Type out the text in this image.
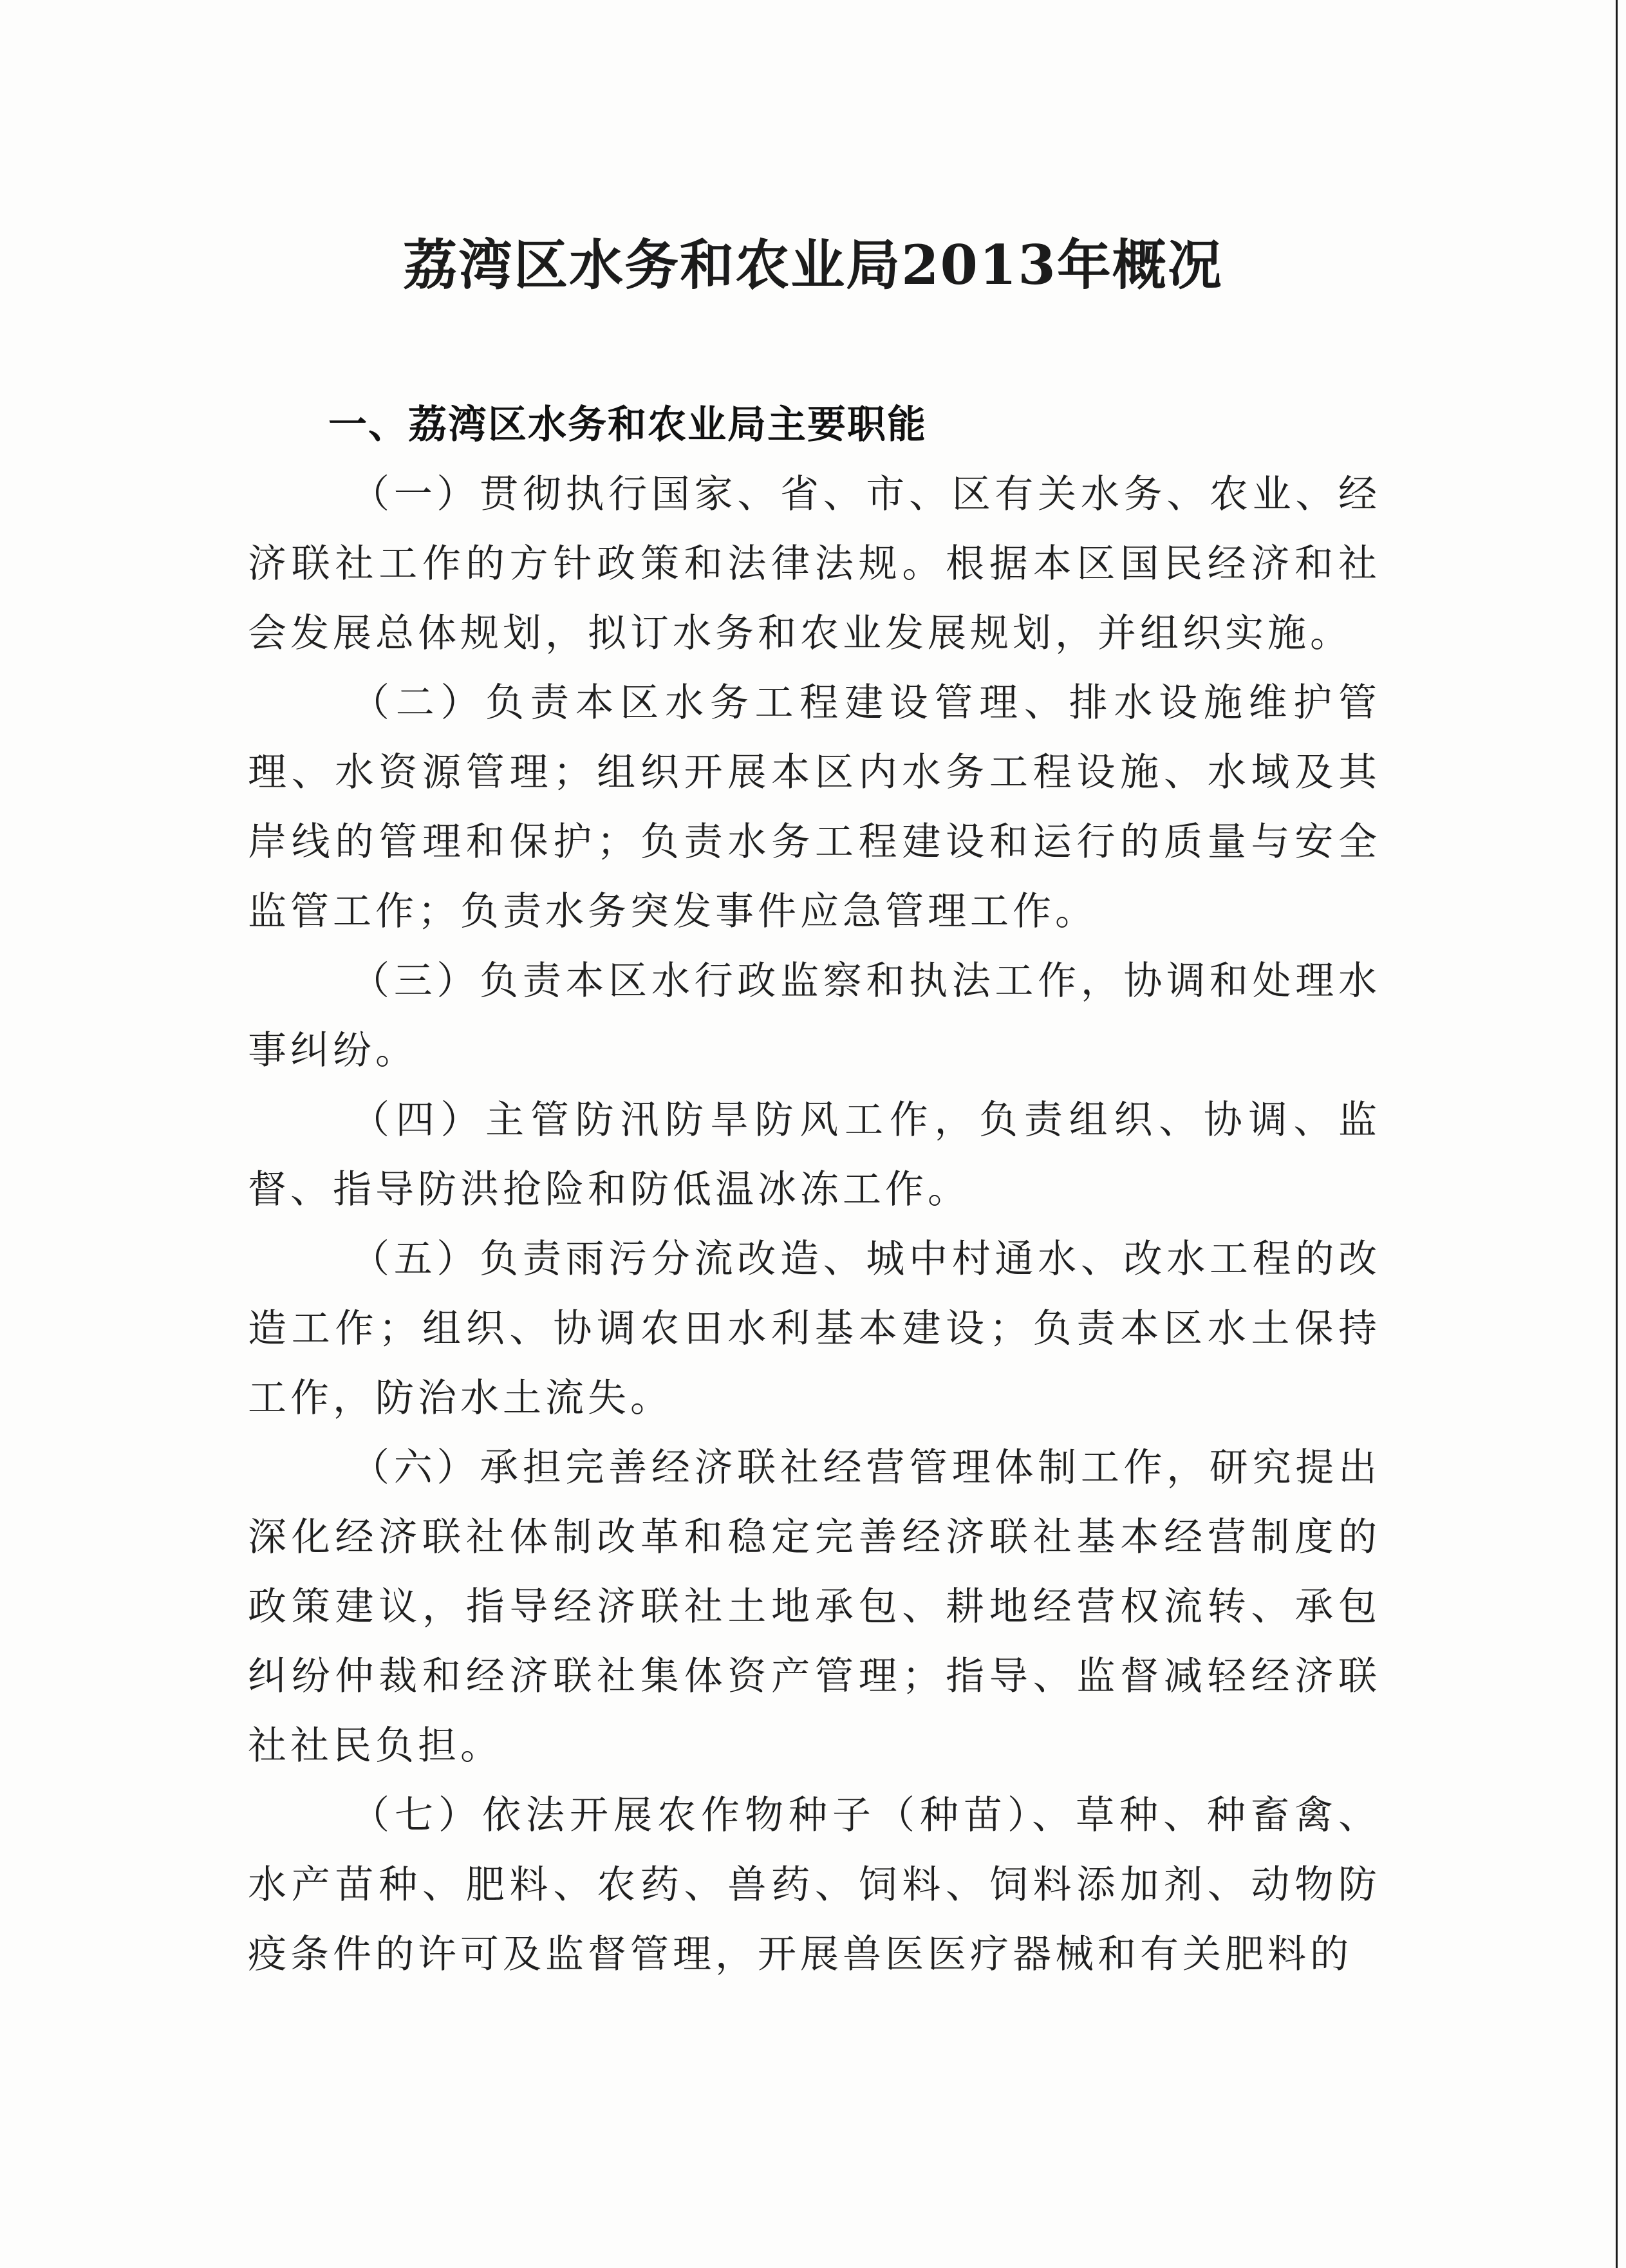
荔湾区水务和农业局2013年概况
一、荔湾区水务和农业局主要职能

（一）贯彻执行国家、省、市、区有关水务、农业、经济联社工作的方针政策和法律法规。根据本区国民经济和社会发展总体规划，拟订水务和农业发展规划，并组织实施。

（二）负责本区水务工程建设管理、排水设施维护管理、水资源管理；组织开展本区内水务工程设施、水域及其岸线的管理和保护；负责水务工程建设和运行的质量与安全监管工作；负责水务突发事件应急管理工作。

（三）负责本区水行政监察和执法工作，协调和处理水事纠纷。

（四）主管防汛防旱防风工作，负责组织、协调、监督、指导防洪抢险和防低温冰冻工作。

（五）负责雨污分流改造、城中村通水、改水工程的改造工作；组织、协调农田水利基本建设；负责本区水土保持工作，防治水土流失。

（六）承担完善经济联社经营管理体制工作，研究提出深化经济联社体制改革和稳定完善经济联社基本经营制度的政策建议，指导经济联社土地承包、耕地经营权流转、承包纠纷仲裁和经济联社集体资产管理；指导、监督减轻经济联社社民负担。

（七）依法开展农作物种子（种苗）、草种、种畜禽、水产苗种、肥料、农药、兽药、饲料、饲料添加剂、动物防疫条件的许可及监督管理，开展兽医医疗器械和有关肥料的
